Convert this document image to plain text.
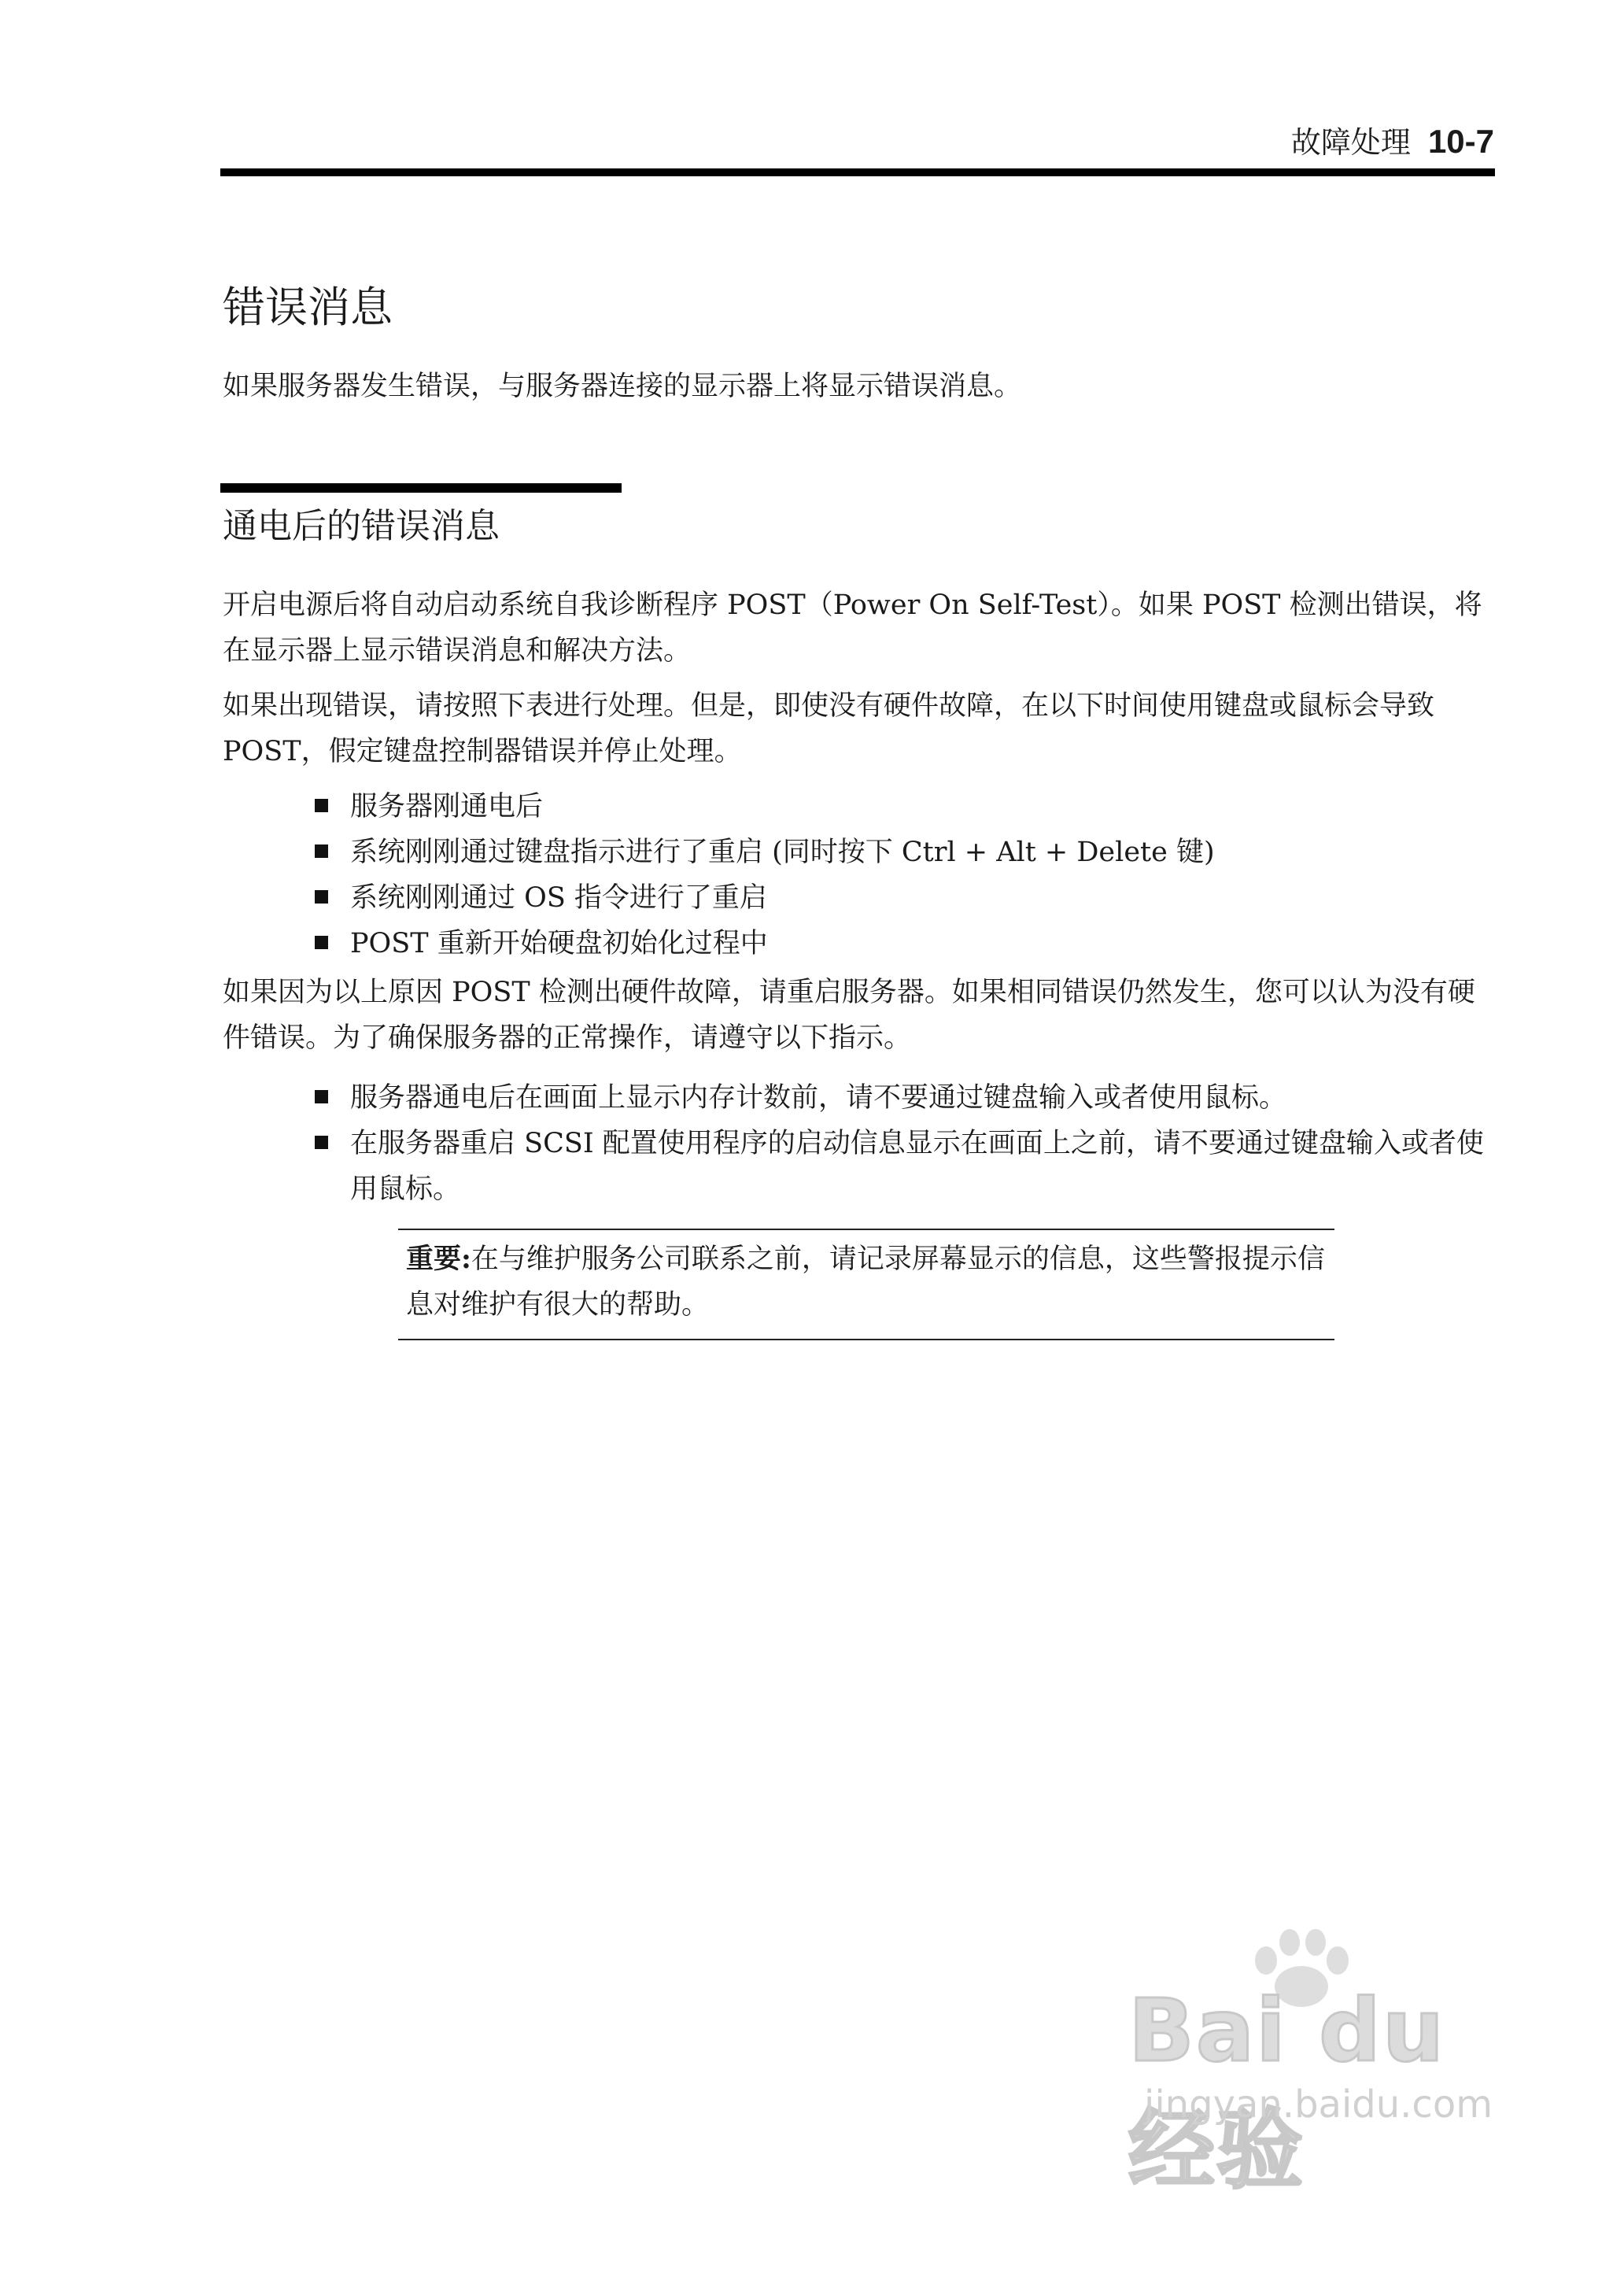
故障处理 10-7
错误消息

如果服务器发生错误，与服务器连接的显示器上将显示错误消息。

通电后的错误消息

开启电源后将自动启动系统自我诊断程序 POST（Power On Self-Test）。如果 POST 检测出错误，将在显示器上显示错误消息和解决方法。

如果出现错误，请按照下表进行处理。但是，即使没有硬件故障，在以下时间使用键盘或鼠标会导致 POST，假定键盘控制器错误并停止处理。

服务器刚通电后
系统刚刚通过键盘指示进行了重启 (同时按下 Ctrl + Alt + Delete 键)
系统刚刚通过 OS 指令进行了重启
POST 重新开始硬盘初始化过程中

如果因为以上原因 POST 检测出硬件故障，请重启服务器。如果相同错误仍然发生，您可以认为没有硬件错误。为了确保服务器的正常操作，请遵守以下指示。

服务器通电后在画面上显示内存计数前，请不要通过键盘输入或者使用鼠标。
在服务器重启 SCSI 配置使用程序的启动信息显示在画面上之前，请不要通过键盘输入或者使用鼠标。
重要:在与维护服务公司联系之前，请记录屏幕显示的信息，这些警报提示信息对维护有很大的帮助。
Bai du 经验
jingyan.baidu.com
